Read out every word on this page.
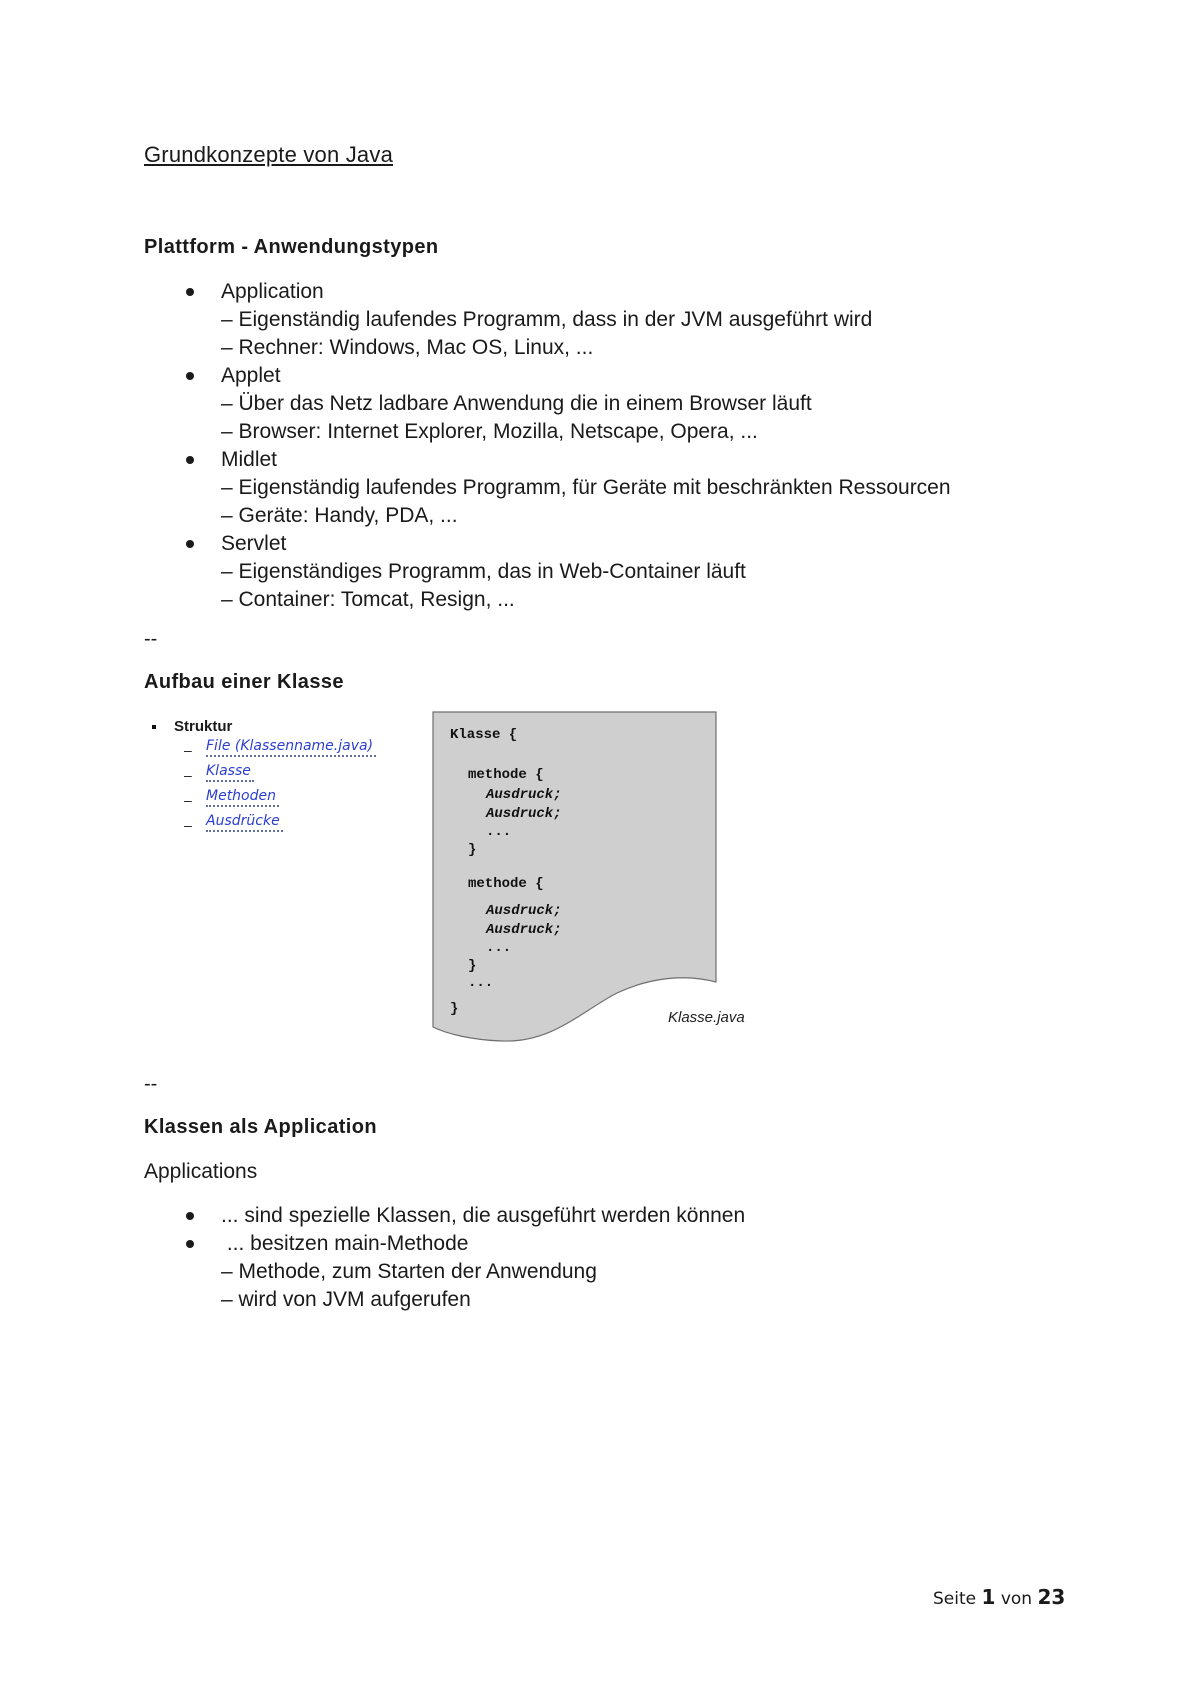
Grundkonzepte von Java
Plattform - Anwendungstypen
Application
– Eigenständig laufendes Programm, dass in der JVM ausgeführt wird
– Rechner: Windows, Mac OS, Linux, ...
Applet
– Über das Netz ladbare Anwendung die in einem Browser läuft
– Browser: Internet Explorer, Mozilla, Netscape, Opera, ...
Midlet
– Eigenständig laufendes Programm, für Geräte mit beschränkten Ressourcen
– Geräte: Handy, PDA, ...
Servlet
– Eigenständiges Programm, das in Web-Container läuft
– Container: Tomcat, Resign, ...
--
Aufbau einer Klasse
Struktur
– File (Klassenname.java)
– Klasse
– Methoden
– Ausdrücke
Klasse {
methode {
Ausdruck;
Ausdruck;
...
}
methode {
Ausdruck;
Ausdruck;
...
}
...
}	Klasse.java
--
Klassen als Application
Applications
... sind spezielle Klassen, die ausgeführt werden können
... besitzen main-Methode
– Methode, zum Starten der Anwendung
– wird von JVM aufgerufen
Seite 1 von 23
